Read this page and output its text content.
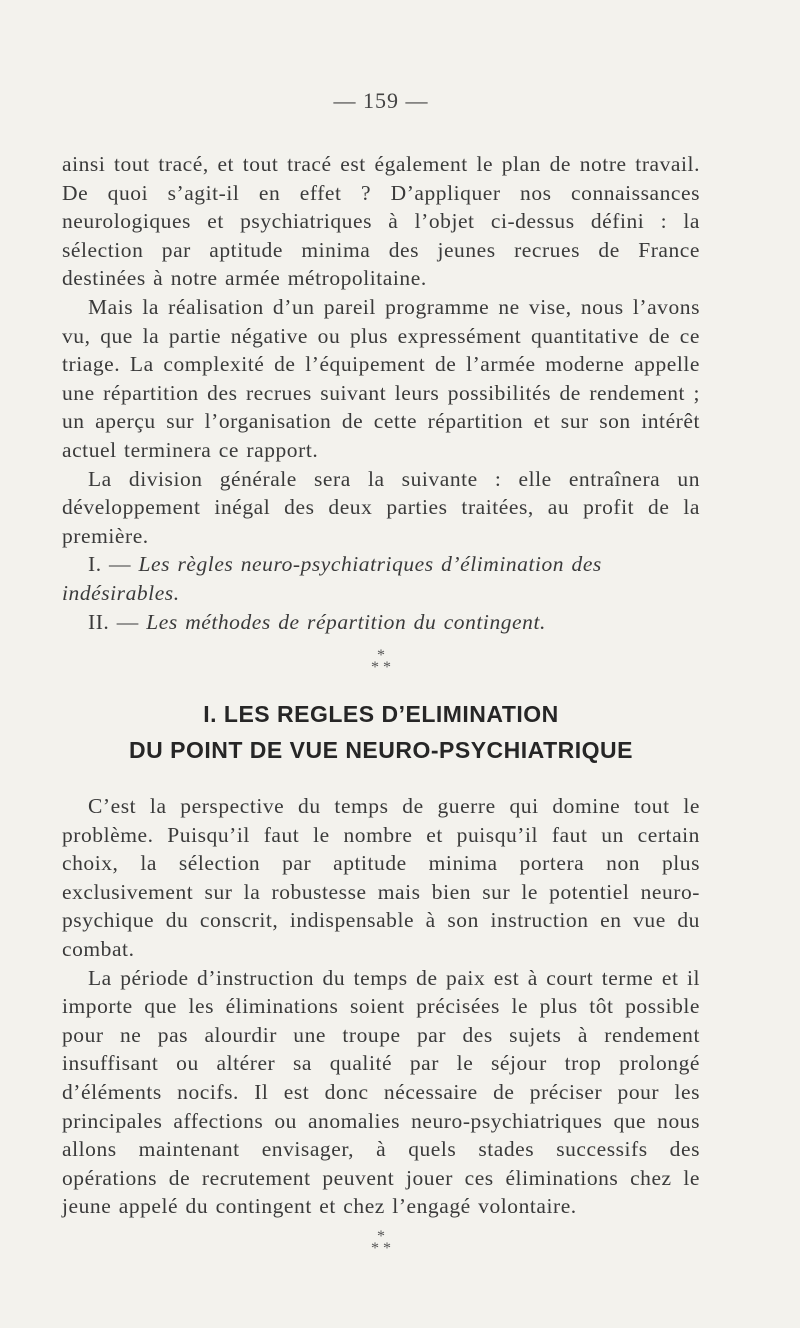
— 159 —

ainsi tout tracé, et tout tracé est également le plan de notre travail. De quoi s’agit-il en effet ? D’appliquer nos connaissances neurologiques et psychiatriques à l’objet ci-dessus défini : la sélection par aptitude minima des jeunes recrues de France destinées à notre armée métropolitaine.

Mais la réalisation d’un pareil programme ne vise, nous l’avons vu, que la partie négative ou plus expressément quantitative de ce triage. La complexité de l’équipement de l’armée moderne appelle une répartition des recrues suivant leurs possibilités de rendement ; un aperçu sur l’organisation de cette répartition et sur son intérêt actuel terminera ce rapport.

La division générale sera la suivante : elle entraînera un développement inégal des deux parties traitées, au profit de la première.

I. — Les règles neuro-psychiatriques d’élimination des indésirables.

II. — Les méthodes de répartition du contingent.

*
* *
I. LES REGLES D’ELIMINATION
DU POINT DE VUE NEURO-PSYCHIATRIQUE

C’est la perspective du temps de guerre qui domine tout le problème. Puisqu’il faut le nombre et puisqu’il faut un certain choix, la sélection par aptitude minima portera non plus exclusivement sur la robustesse mais bien sur le potentiel neuro-psychique du conscrit, indispensable à son instruction en vue du combat.

La période d’instruction du temps de paix est à court terme et il importe que les éliminations soient précisées le plus tôt possible pour ne pas alourdir une troupe par des sujets à rendement insuffisant ou altérer sa qualité par le séjour trop prolongé d’éléments nocifs. Il est donc nécessaire de préciser pour les principales affections ou anomalies neuro-psychiatriques que nous allons maintenant envisager, à quels stades successifs des opérations de recrutement peuvent jouer ces éliminations chez le jeune appelé du contingent et chez l’engagé volontaire.

*
* *
